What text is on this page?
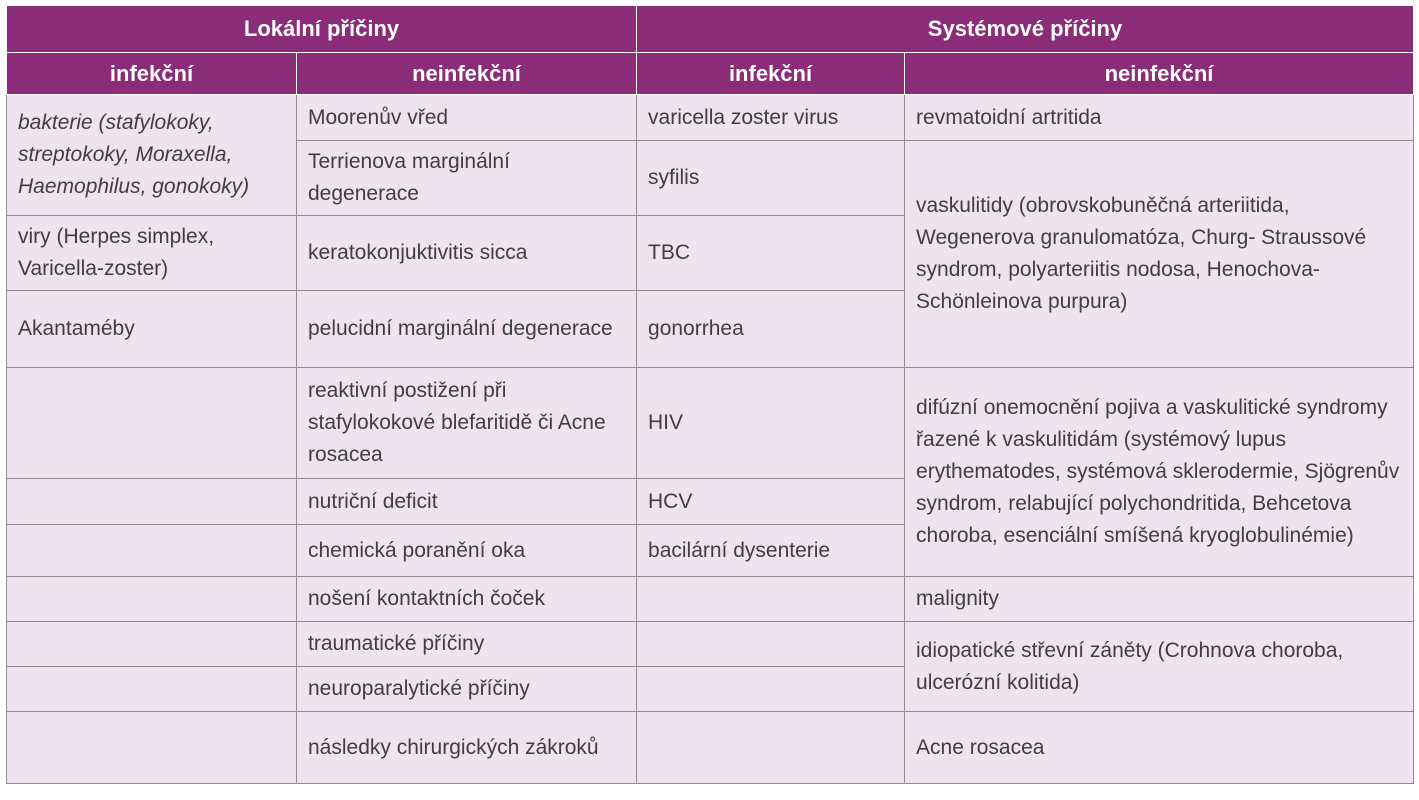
Lokální příčiny		Systémové příčiny	
infekční	neinfekční	infekční	neinfekční
bakterie (stafylokoky, streptokoky, Moraxella, Haemophilus, gonokoky)	Moorenův vřed	varicella zoster virus	revmatoidní artritida
	Terrienova marginální degenerace	syfilis	vaskulitidy (obrovskobuněčná arteriitida, Wegenerova granulomatóza, Churg- Straussové syndrom, polyarteriitis nodosa, Henochova-Schönleinova purpura)
viry (Herpes simplex, Varicella-zoster)	keratokonjuktivitis sicca	TBC	
Akantaméby	pelucidní marginální degenerace	gonorrhea	
	reaktivní postižení při stafylokokové blefaritidě či Acne rosacea	HIV	difúzní onemocnění pojiva a vaskulitické syndromy řazené k vaskulitidám (systémový lupus erythematodes, systémová sklerodermie, Sjögrenův syndrom, relabující polychondritida, Behcetova choroba, esenciální smíšená kryoglobulinémie)
	nutriční deficit	HCV	
	chemická poranění oka	bacilární dysenterie	
	nošení kontaktních čoček		malignity
	traumatické příčiny		idiopatické střevní záněty (Crohnova choroba, ulcerózní kolitida)
	neuroparalytické příčiny		
	následky chirurgických zákroků		Acne rosacea
